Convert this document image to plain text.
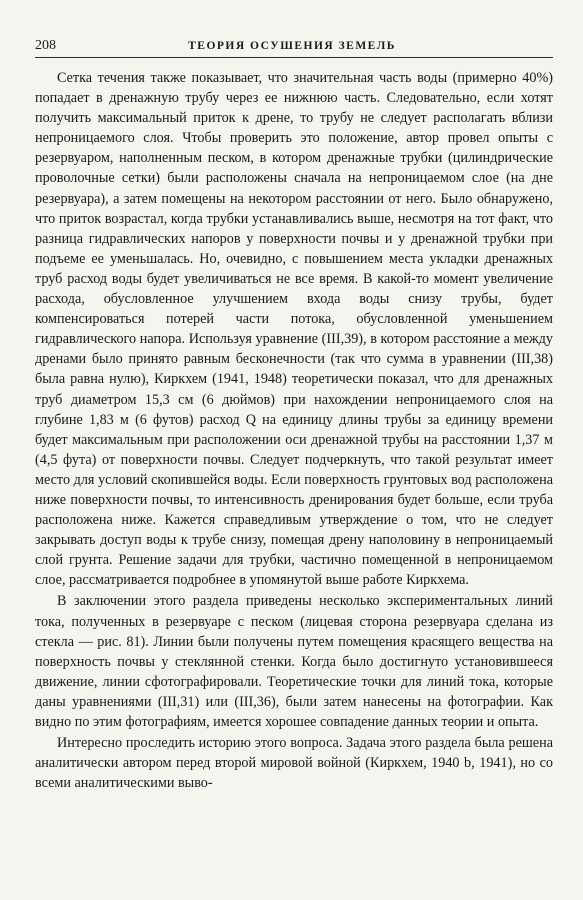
208	ТЕОРИЯ ОСУШЕНИЯ ЗЕМЕЛЬ

Сетка течения также показывает, что значительная часть воды (примерно 40%) попадает в дренажную трубу через ее нижнюю часть. Следовательно, если хотят получить максимальный приток к дрене, то трубу не следует располагать вблизи непроницаемого слоя. Чтобы проверить это положение, автор провел опыты с резервуаром, наполненным песком, в котором дренажные трубки (цилиндрические проволочные сетки) были расположены сначала на непроницаемом слое (на дне резервуара), а затем помещены на некотором расстоянии от него. Было обнаружено, что приток возрастал, когда трубки устанавливались выше, несмотря на тот факт, что разница гидравлических напоров у поверхности почвы и у дренажной трубки при подъеме ее уменьшалась. Но, очевидно, с повышением места укладки дренажных труб расход воды будет увеличиваться не все время. В какой-то момент увеличение расхода, обусловленное улучшением входа воды снизу трубы, будет компенсироваться потерей части потока, обусловленной уменьшением гидравлического напора. Используя уравнение (III,39), в котором расстояние a между дренами было принято равным бесконечности (так что сумма в уравнении (III,38) была равна нулю), Киркхем (1941, 1948) теоретически показал, что для дренажных труб диаметром 15,3 см (6 дюймов) при нахождении непроницаемого слоя на глубине 1,83 м (6 футов) расход Q на единицу длины трубы за единицу времени будет максимальным при расположении оси дренажной трубы на расстоянии 1,37 м (4,5 фута) от поверхности почвы. Следует подчеркнуть, что такой результат имеет место для условий скопившейся воды. Если поверхность грунтовых вод расположена ниже поверхности почвы, то интенсивность дренирования будет больше, если труба расположена ниже. Кажется справедливым утверждение о том, что не следует закрывать доступ воды к трубе снизу, помещая дрену наполовину в непроницаемый слой грунта. Решение задачи для трубки, частично помещенной в непроницаемом слое, рассматривается подробнее в упомянутой выше работе Киркхема.

В заключении этого раздела приведены несколько экспериментальных линий тока, полученных в резервуаре с песком (лицевая сторона резервуара сделана из стекла — рис. 81). Линии были получены путем помещения красящего вещества на поверхность почвы у стеклянной стенки. Когда было достигнуто установившееся движение, линии сфотографировали. Теоретические точки для линий тока, которые даны уравнениями (III,31) или (III,36), были затем нанесены на фотографии. Как видно по этим фотографиям, имеется хорошее совпадение данных теории и опыта.

Интересно проследить историю этого вопроса. Задача этого раздела была решена аналитически автором перед второй мировой войной (Киркхем, 1940 b, 1941), но со всеми аналитическими выво-
